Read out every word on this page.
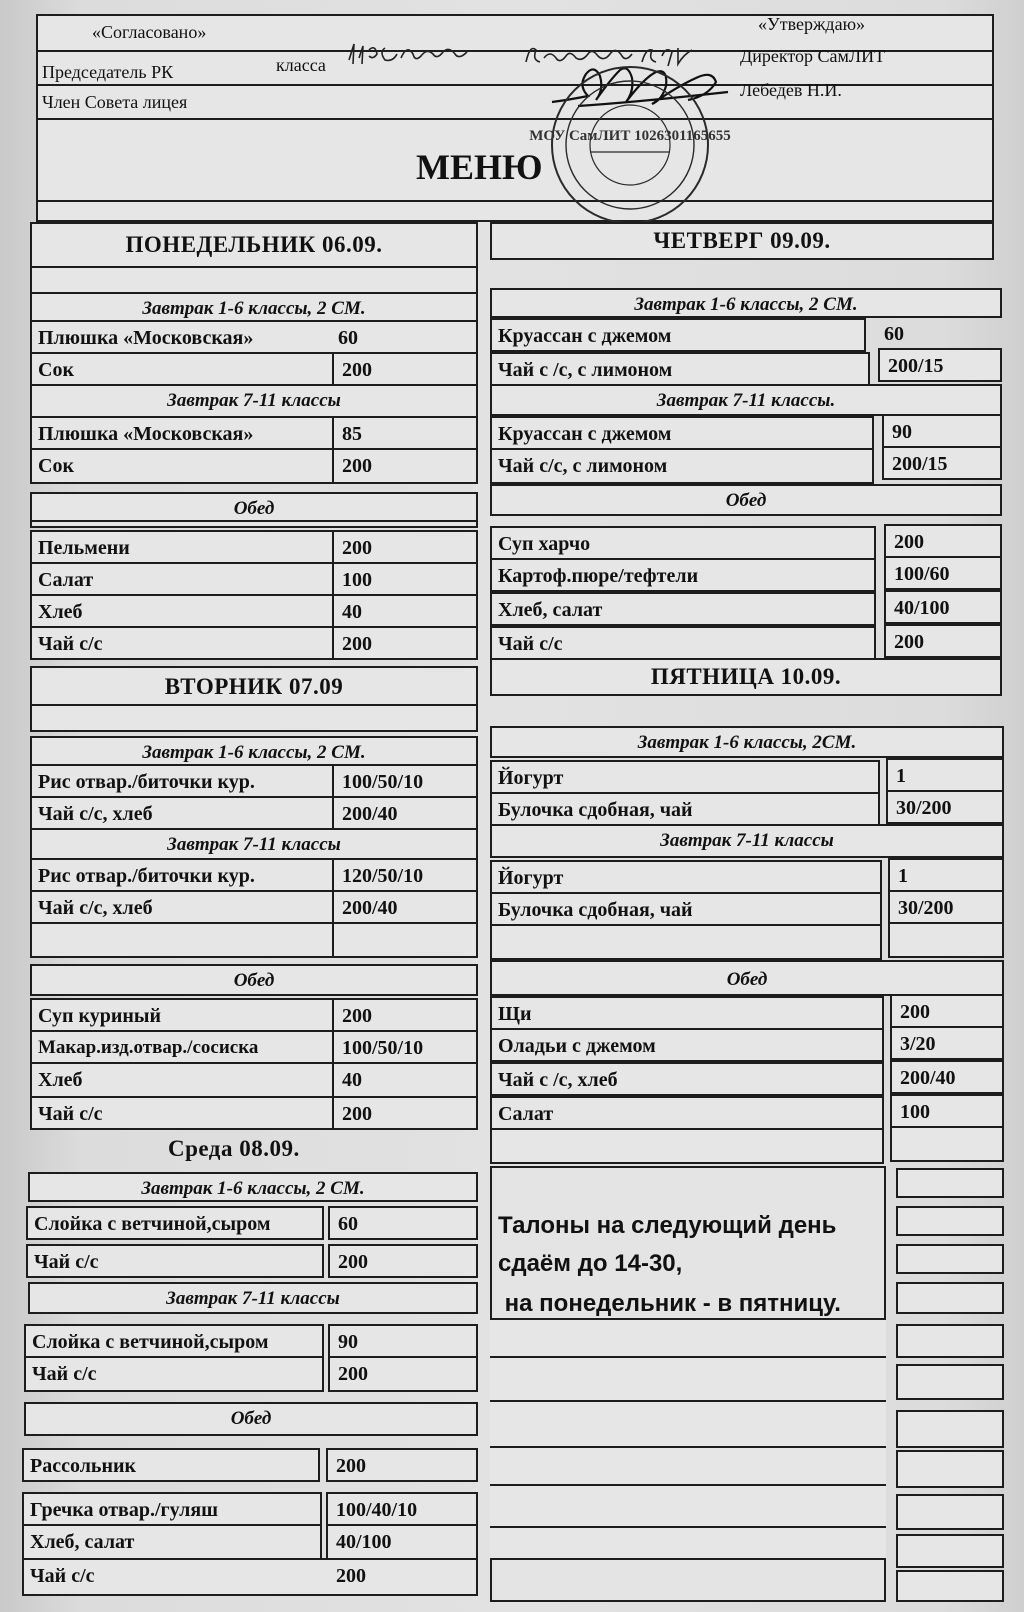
«Согласовано»
Председатель РК	класса
Член Совета лицея
«Утверждаю»
Директор СамЛИТ
Лебедев Н.И.
МОУ СамЛИТ 1026301165655
МЕНЮ
ПОНЕДЕЛЬНИК 06.09.
Завтрак 1-6 классы, 2 СМ.
Плюшка «Московская»	60
Сок	200
Завтрак 7-11 классы
Плюшка «Московская»	85
Сок	200
Обед
Пельмени	200
Салат	100
Хлеб	40
Чай с/с	200
ВТОРНИК 07.09
Завтрак 1-6 классы, 2 СМ.
Рис отвар./биточки кур.	100/50/10
Чай с/с, хлеб	200/40
Завтрак 7-11 классы
Рис отвар./биточки кур.	120/50/10
Чай с/с, хлеб	200/40
Обед
Суп куриный	200
Макар.изд.отвар./сосиска	100/50/10
Хлеб	40
Чай с/с	200
Среда 08.09.
Завтрак 1-6 классы, 2 СМ.
Слойка с ветчиной,сыром	60
Чай с/с	200
Завтрак 7-11 классы
Слойка с ветчиной,сыром	90
Чай с/с	200
Обед
Рассольник	200
Гречка отвар./гуляш	100/40/10
Хлеб, салат	40/100
Чай с/с	200
ЧЕТВЕРГ 09.09.
Завтрак 1-6 классы, 2 СМ.
Круассан с джемом	60
Чай с /с, с лимоном	200/15
Завтрак 7-11 классы.
Круассан с джемом	90
Чай с/с, с лимоном	200/15
Обед
Суп харчо	200
Картоф.пюре/тефтели	100/60
Хлеб, салат	40/100
Чай с/с	200
ПЯТНИЦА 10.09.
Завтрак 1-6 классы, 2СМ.
Йогурт	1
Булочка сдобная, чай	30/200
Завтрак 7-11 классы
Йогурт	1
Булочка сдобная, чай	30/200
Обед
Щи	200
Оладьи с джемом	3/20
Чай с /с, хлеб	200/40
Салат	100
Талоны на следующий день
сдаём до 14-30,
на понедельник - в пятницу.
